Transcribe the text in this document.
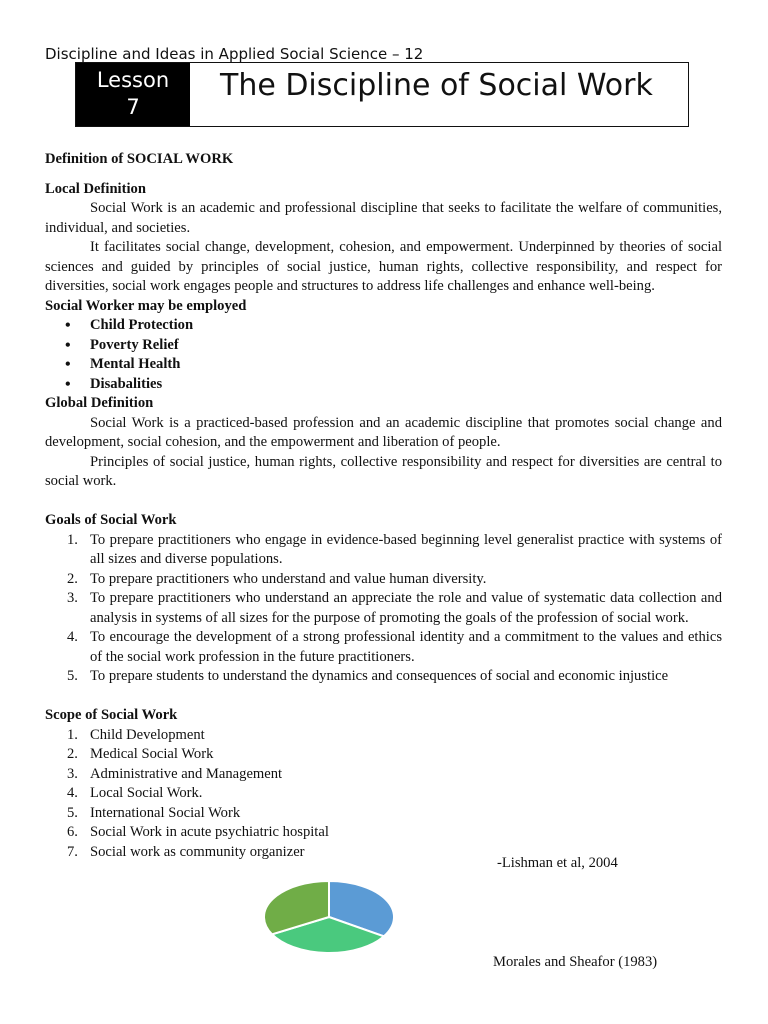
Discipline and Ideas in Applied Social Science – 12
Lesson
7
The Discipline of Social Work

Definition of SOCIAL WORK

Local Definition

Social Work is an academic and professional discipline that seeks to facilitate the welfare of communities, individual, and societies.

It facilitates social change, development, cohesion, and empowerment. Underpinned by theories of social sciences and guided by principles of social justice, human rights, collective responsibility, and respect for diversities, social work engages people and structures to address life challenges and enhance well-being.

Social Worker may be employed

• Child Protection
• Poverty Relief
• Mental Health
• Disabalities

Global Definition

Social Work is a practiced-based profession and an academic discipline that promotes social change and development, social cohesion, and the empowerment and liberation of people.

Principles of social justice, human rights, collective responsibility and respect for diversities are central to social work.

Goals of Social Work

1. To prepare practitioners who engage in evidence-based beginning level generalist practice with systems of all sizes and diverse populations.
2. To prepare practitioners who understand and value human diversity.
3. To prepare practitioners who understand an appreciate the role and value of systematic data collection and analysis in systems of all sizes for the purpose of promoting the goals of the profession of social work.
4. To encourage the development of a strong professional identity and a commitment to the values and ethics of the social work profession in the future practitioners.
5. To prepare students to understand the dynamics and consequences of social and economic injustice

Scope of Social Work

1. Child Development
2. Medical Social Work
3. Administrative and Management
4. Local Social Work.
5. International Social Work
6. Social Work in acute psychiatric hospital
7. Social work as community organizer
-Lishman et al, 2004
Morales and Sheafor (1983)
